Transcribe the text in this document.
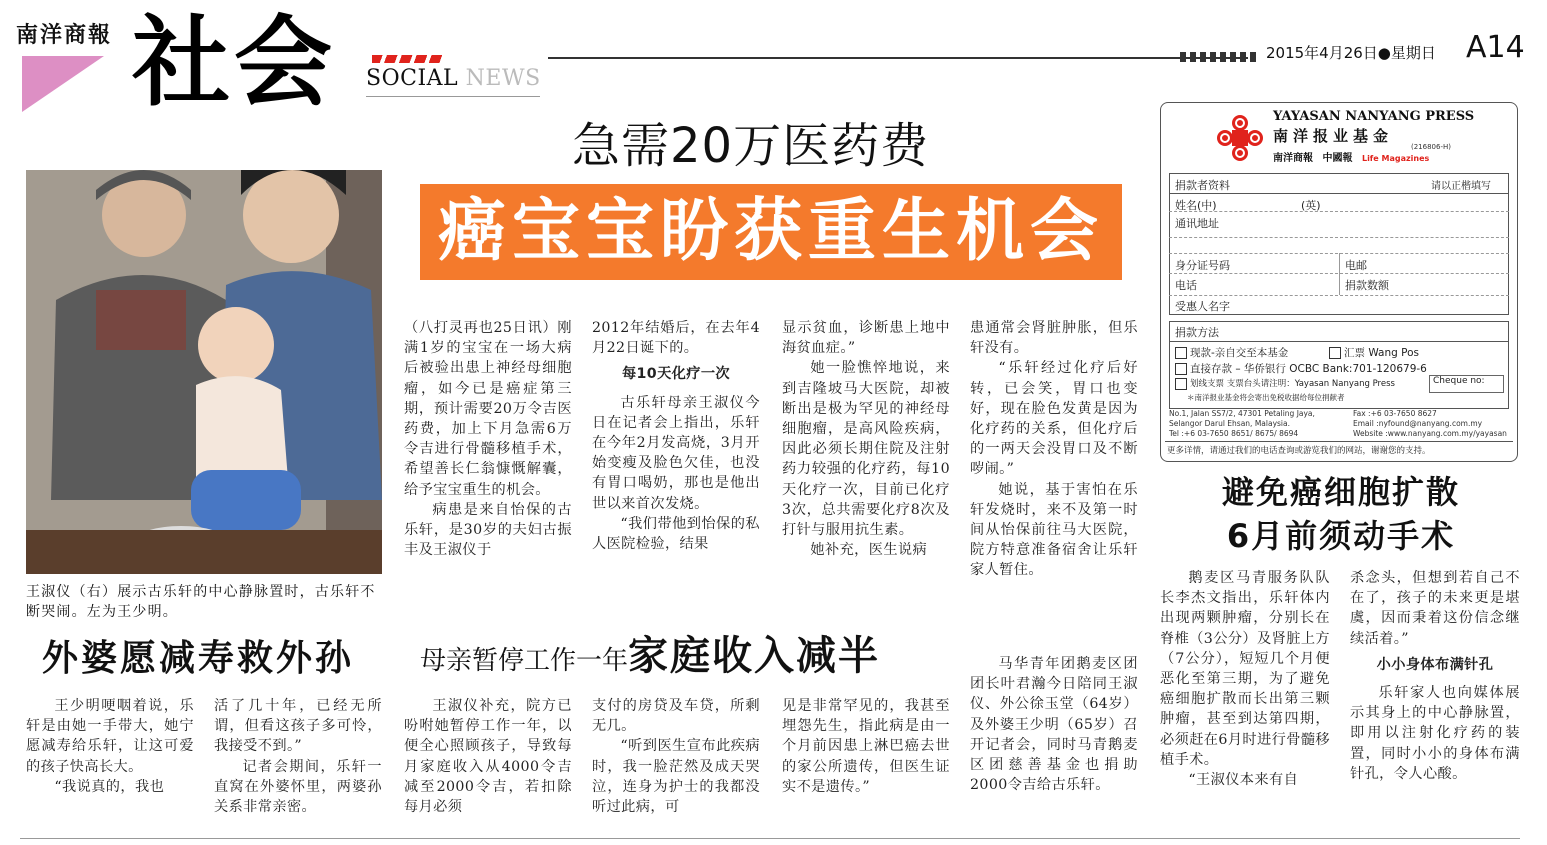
南洋商報 社会 SOCIAL NEWS
2015年4月26日●星期日 A14
王淑仪（右）展示古乐轩的中心静脉置时，古乐轩不断哭闹。左为王少明。
急需20万医药费
癌宝宝盼获重生机会

（八打灵再也25日讯）刚满1岁的宝宝在一场大病后被验出患上神经母细胞瘤，如今已是癌症第三期，预计需要20万令吉医药费，加上下月急需6万令吉进行骨髓移植手术，希望善长仁翁慷慨解囊，给予宝宝重生的机会。

病患是来自怡保的古乐轩，是30岁的夫妇古振丰及王淑仪于

2012年结婚后，在去年4月22日诞下的。

每10天化疗一次

古乐轩母亲王淑仪今日在记者会上指出，乐轩在今年2月发高烧，3月开始变瘦及脸色欠佳，也没有胃口喝奶，那也是他出世以来首次发烧。

“我们带他到怡保的私人医院检验，结果

显示贫血，诊断患上地中海贫血症。”

她一脸憔悴地说，来到吉隆坡马大医院，却被断出是极为罕见的神经母细胞瘤，是高风险疾病，因此必须长期住院及注射药力较强的化疗药，每10天化疗一次，目前已化疗3次，总共需要化疗8次及打针与服用抗生素。

她补充，医生说病

患通常会肾脏肿胀，但乐轩没有。

“乐轩经过化疗后好转，已会笑，胃口也变好，现在脸色发黄是因为化疗药的关系，但化疗后的一两天会没胃口及不断哕闹。”

她说，基于害怕在乐轩发烧时，来不及第一时间从怡保前往马大医院，院方特意准备宿舍让乐轩家人暂住。

外婆愿减寿救外孙

王少明哽咽着说，乐轩是由她一手带大，她宁愿减寿给乐轩，让这可爱的孩子快高长大。

“我说真的，我也

活了几十年，已经无所谓，但看这孩子多可怜，我接受不到。”

记者会期间，乐轩一直窝在外婆怀里，两婆孙关系非常亲密。

母亲暂停工作一年家庭收入减半

王淑仪补充，院方已吩咐她暂停工作一年，以便全心照顾孩子，导致每月家庭收入从4000令吉减至2000令吉，若扣除每月必须

支付的房贷及车贷，所剩无几。

“听到医生宣布此疾病时，我一脸茫然及成天哭泣，连身为护士的我都没听过此病，可

见是非常罕见的，我甚至埋怨先生，指此病是由一个月前因患上淋巴癌去世的家公所遗传，但医生证实不是遗传。”

马华青年团鹅麦区团团长叶君瀚今日陪同王淑仪、外公徐玉堂（64岁）及外婆王少明（65岁）召开记者会，同时马青鹅麦区团慈善基金也捐助2000令吉给古乐轩。

YAYASAN NANYANG PRESS
南洋报业基金
(216806-H)
南洋商報 中國報 Life Magazines
捐款者资料	请以正楷填写
姓名(中)	(英)
通讯地址
身分证号码	电邮
电话	捐款数额
受惠人名字
捐款方法
现款-亲自交至本基金	汇票 Wang Pos
直接存款 – 华侨银行 OCBC Bank:701-120679-6
划线支票 支票台头请注明：Yayasan Nanyang Press	Cheque no:
＊南洋报业基金将会寄出免税收据给每位捐献者
No.1, Jalan SS7/2, 47301 Petaling Jaya, Selangor Darul Ehsan, Malaysia.
Tel :+6 03-7650 8651/ 8675/ 8694
Fax :+6 03-7650 8627
Email :nyfound@nanyang.com.my
Website :www.nanyang.com.my/yayasan
更多详情，请通过我们的电话查询或游览我们的网站，谢谢您的支持。
避免癌细胞扩散
6月前须动手术

鹅麦区马青服务队队长李杰文指出，乐轩体内出现两颗肿瘤，分别长在脊椎（3公分）及肾脏上方（7公分），短短几个月便恶化至第三期，为了避免癌细胞扩散而长出第三颗肿瘤，甚至到达第四期，必须赶在6月时进行骨髓移植手术。

“王淑仪本来有自

杀念头，但想到若自己不在了，孩子的未来更是堪虞，因而秉着这份信念继续活着。”

小小身体布满针孔

乐轩家人也向媒体展示其身上的中心静脉置，即用以注射化疗药的装置，同时小小的身体布满针孔，令人心酸。
